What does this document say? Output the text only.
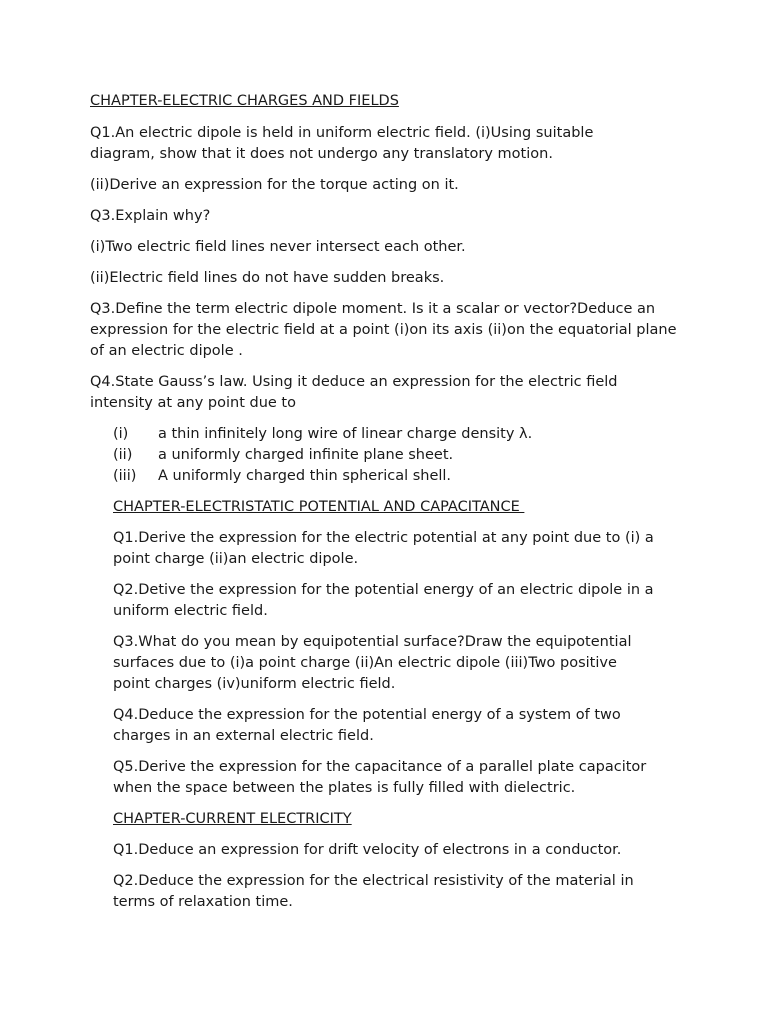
CHAPTER-ELECTRIC CHARGES AND FIELDS

Q1.An electric dipole is held in uniform electric field. (i)Using suitable diagram, show that it does not undergo any translatory motion.

(ii)Derive an expression for the torque acting on it.

Q3.Explain why?

(i)Two electric field lines never intersect each other.

(ii)Electric field lines do not have sudden breaks.

Q3.Define the term electric dipole moment. Is it a scalar or vector?Deduce an expression for the electric field at a point (i)on its axis (ii)on the equatorial plane of an electric dipole .

Q4.State Gauss’s law. Using it deduce an expression for the electric field intensity at any point due to

(i) a thin infinitely long wire of linear charge density λ.
(ii) a uniformly charged infinite plane sheet.
(iii) A uniformly charged thin spherical shell.

CHAPTER-ELECTRISTATIC POTENTIAL AND CAPACITANCE

Q1.Derive the expression for the electric potential at any point due to (i) a point charge (ii)an electric dipole.

Q2.Detive the expression for the potential energy of an electric dipole in a uniform electric field.

Q3.What do you mean by equipotential surface?Draw the equipotential surfaces due to (i)a point charge (ii)An electric dipole (iii)Two positive point charges (iv)uniform electric field.

Q4.Deduce the expression for the potential energy of a system of two charges in an external electric field.

Q5.Derive the expression for the capacitance of a parallel plate capacitor when the space between the plates is fully filled with dielectric.

CHAPTER-CURRENT ELECTRICITY

Q1.Deduce an expression for drift velocity of electrons in a conductor.

Q2.Deduce the expression for the electrical resistivity of the material in terms of relaxation time.
